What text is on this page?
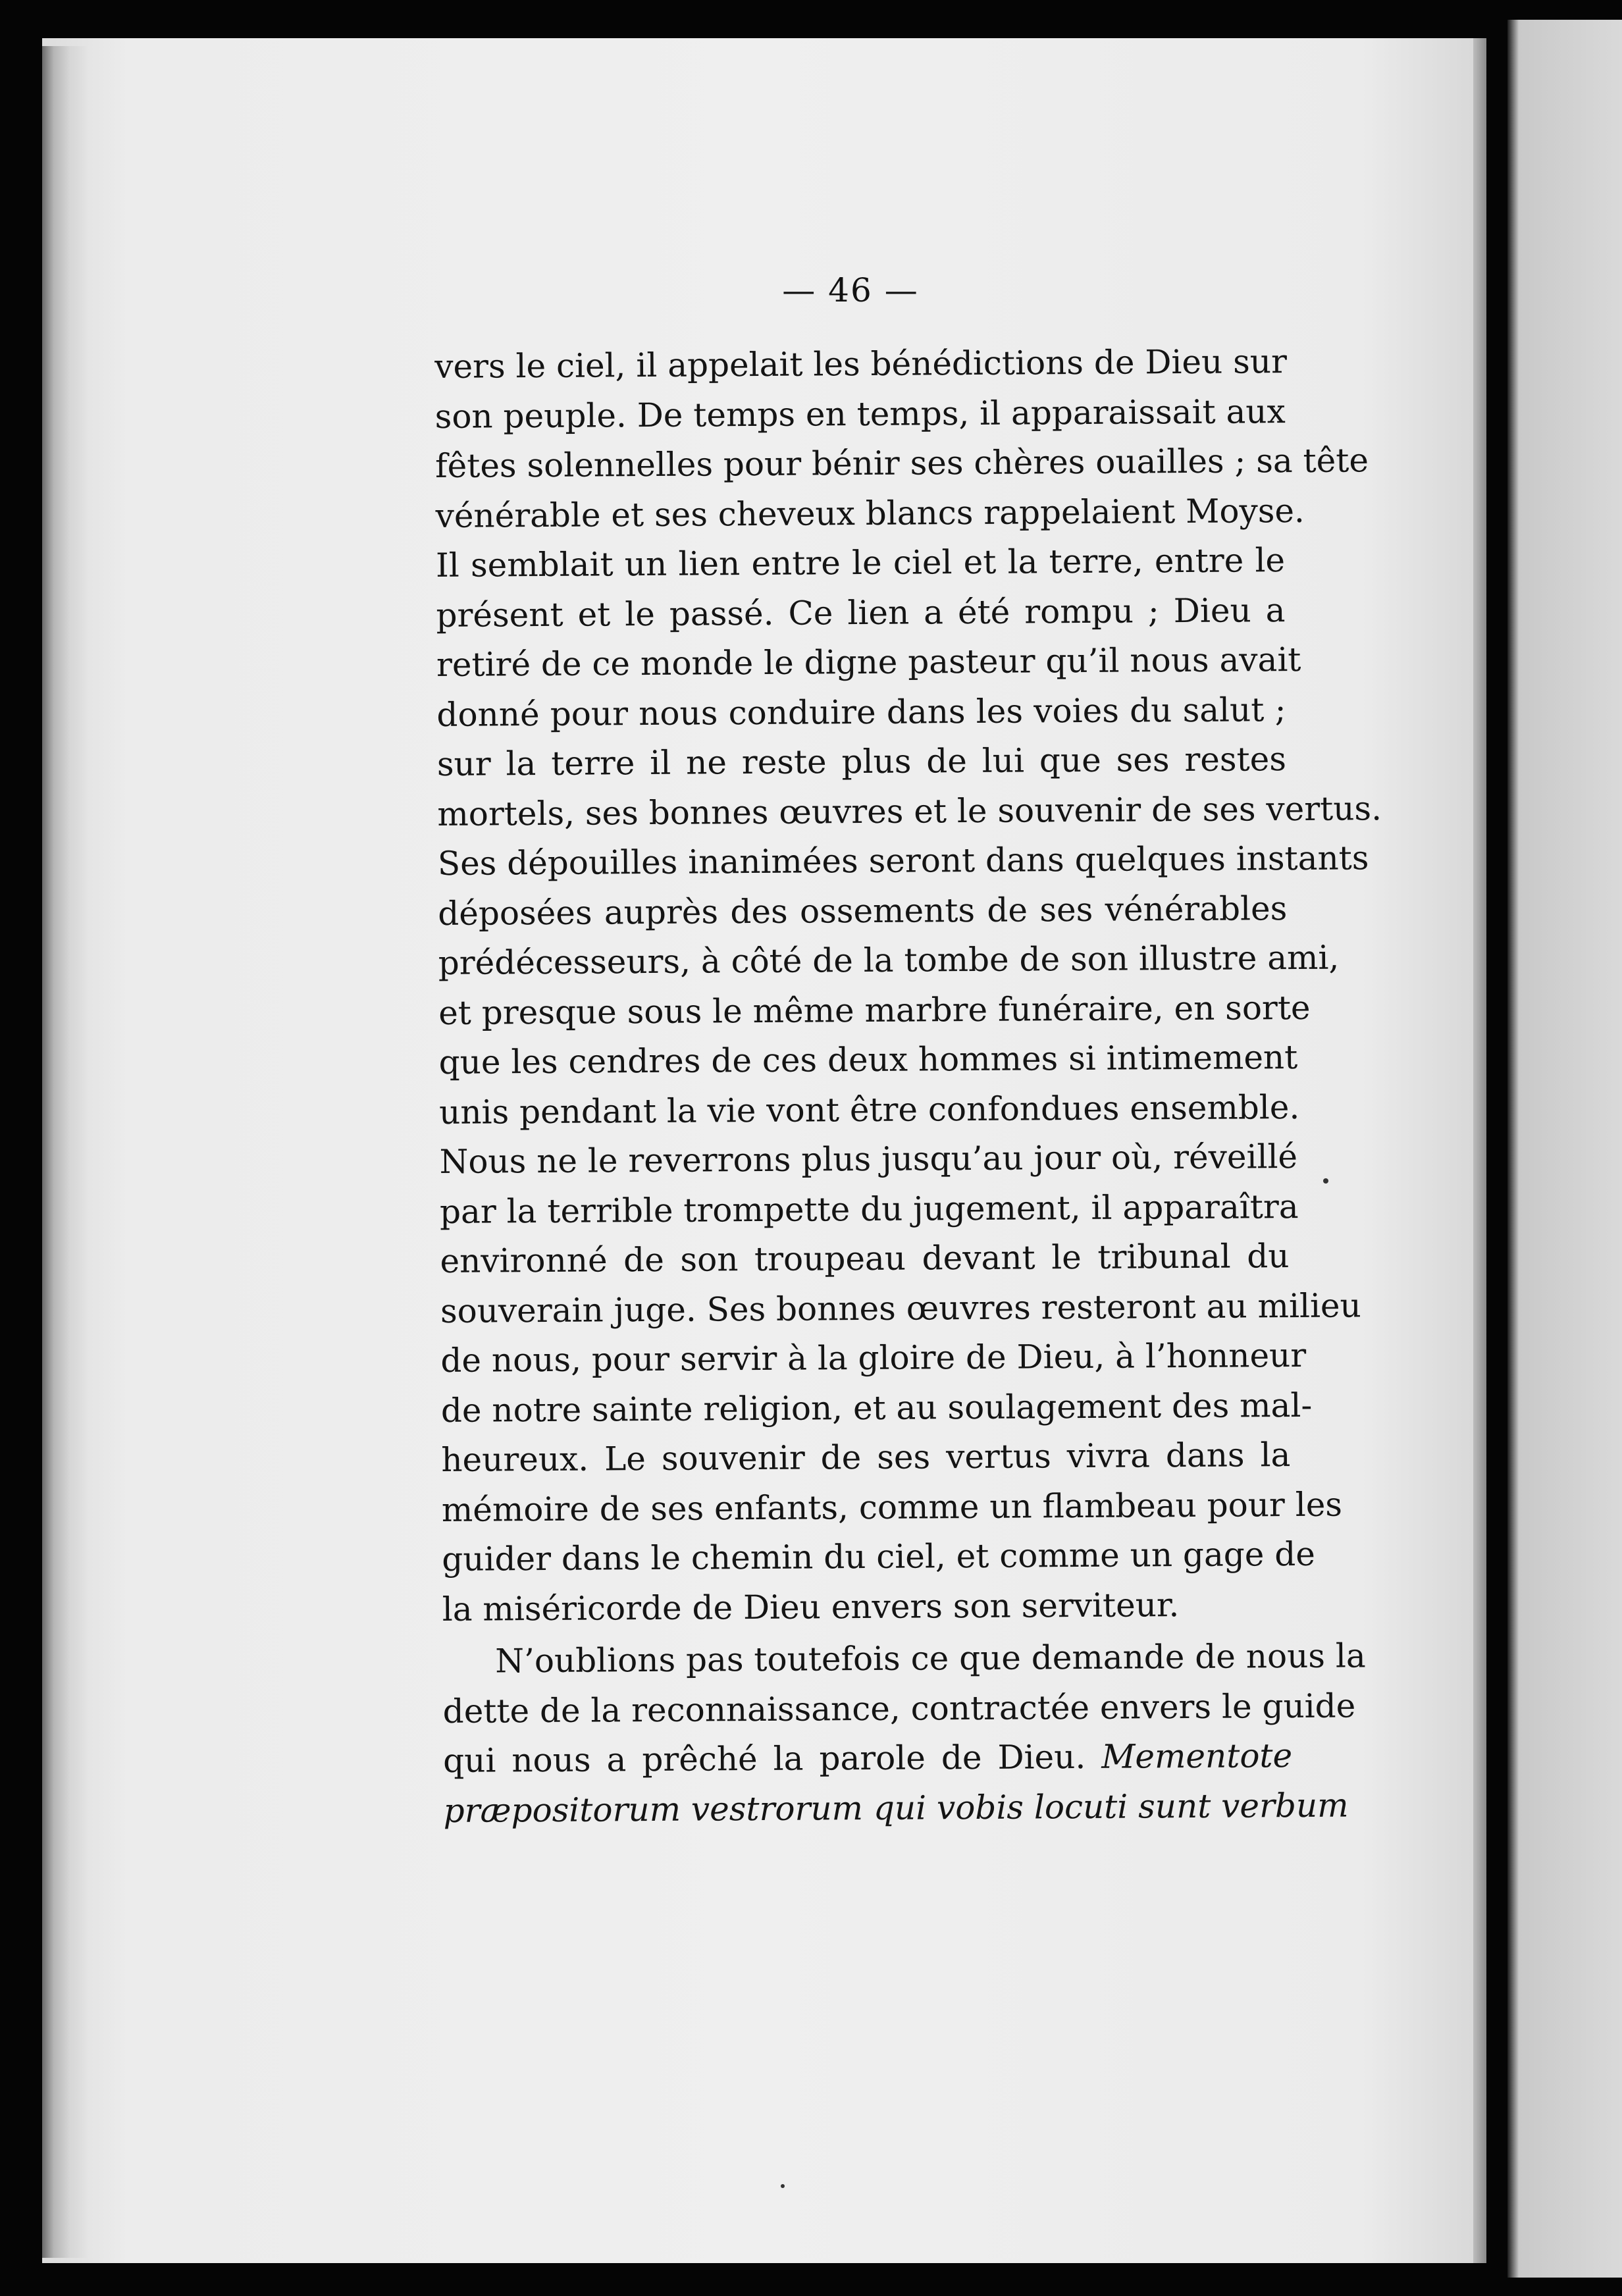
— 46 —
vers le ciel, il appelait les bénédictions de Dieu sur
son peuple. De temps en temps, il apparaissait aux
fêtes solennelles pour bénir ses chères ouailles ; sa tête
vénérable et ses cheveux blancs rappelaient Moyse.
Il semblait un lien entre le ciel et la terre, entre le
présent et le passé. Ce lien a été rompu ; Dieu a
retiré de ce monde le digne pasteur qu’il nous avait
donné pour nous conduire dans les voies du salut ;
sur la terre il ne reste plus de lui que ses restes
mortels, ses bonnes œuvres et le souvenir de ses vertus.
Ses dépouilles inanimées seront dans quelques instants
déposées auprès des ossements de ses vénérables
prédécesseurs, à côté de la tombe de son illustre ami,
et presque sous le même marbre funéraire, en sorte
que les cendres de ces deux hommes si intimement
unis pendant la vie vont être confondues ensemble.
Nous ne le reverrons plus jusqu’au jour où, réveillé
par la terrible trompette du jugement, il apparaîtra
environné de son troupeau devant le tribunal du
souverain juge. Ses bonnes œuvres resteront au milieu
de nous, pour servir à la gloire de Dieu, à l’honneur
de notre sainte religion, et au soulagement des mal-
heureux. Le souvenir de ses vertus vivra dans la
mémoire de ses enfants, comme un flambeau pour les
guider dans le chemin du ciel, et comme un gage de
la miséricorde de Dieu envers son serviteur.
N’oublions pas toutefois ce que demande de nous la
dette de la reconnaissance, contractée envers le guide
qui nous a prêché la parole de Dieu. Mementote
præpositorum vestrorum qui vobis locuti sunt verbum
